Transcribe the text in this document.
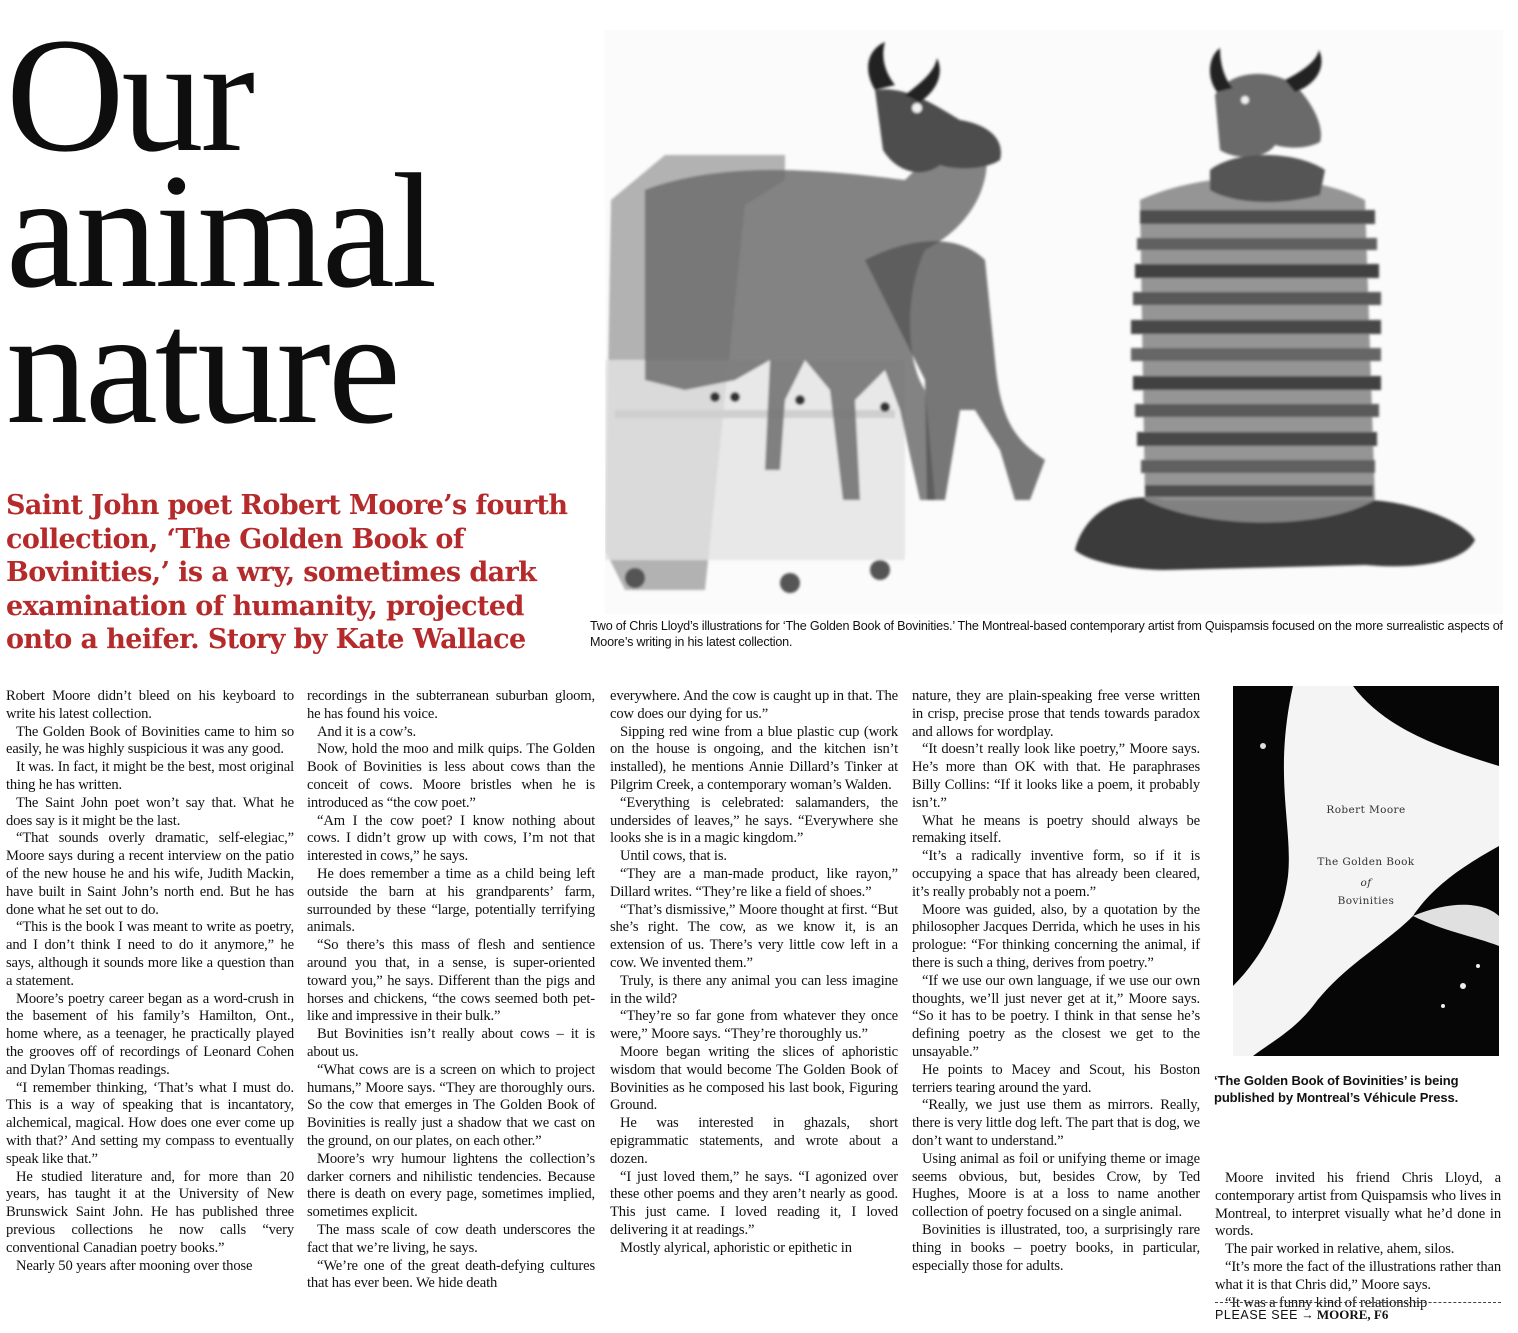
Our
animal
nature
Saint John poet Robert Moore’s fourth collection, ‘The Golden Book of Bovinities,’ is a wry, sometimes dark examination of humanity, projected onto a heifer. Story by Kate Wallace	Two of Chris Lloyd’s illustrations for ‘The Golden Book of Bovinities.’ The Montreal-based contemporary artist from Quispamsis focused on the more surrealistic aspects of Moore’s writing in his latest collection.

Robert Moore didn’t bleed on his keyboard to write his latest collection.

The Golden Book of Bovinities came to him so easily, he was highly suspicious it was any good.

It was. In fact, it might be the best, most original thing he has written.

The Saint John poet won’t say that. What he does say is it might be the last.

“That sounds overly dramatic, self-elegiac,” Moore says during a recent interview on the patio of the new house he and his wife, Judith Mackin, have built in Saint John’s north end. But he has done what he set out to do.

“This is the book I was meant to write as poetry, and I don’t think I need to do it anymore,” he says, although it sounds more like a question than a statement.

Moore’s poetry career began as a word-crush in the basement of his family’s Hamilton, Ont., home where, as a teenager, he practically played the grooves off of recordings of Leonard Cohen and Dylan Thomas readings.

“I remember thinking, ‘That’s what I must do. This is a way of speaking that is incantatory, alchemical, magical. How does one ever come up with that?’ And setting my compass to eventually speak like that.”

He studied literature and, for more than 20 years, has taught it at the University of New Brunswick Saint John. He has published three previous collections he now calls “very conventional Canadian poetry books.”

Nearly 50 years after mooning over those

recordings in the subterranean suburban gloom, he has found his voice.

And it is a cow’s.

Now, hold the moo and milk quips. The Golden Book of Bovinities is less about cows than the conceit of cows. Moore bristles when he is introduced as “the cow poet.”

“Am I the cow poet? I know nothing about cows. I didn’t grow up with cows, I’m not that interested in cows,” he says.

He does remember a time as a child being left outside the barn at his grandparents’ farm, surrounded by these “large, potentially terrifying animals.

“So there’s this mass of flesh and sentience around you that, in a sense, is super-oriented toward you,” he says. Different than the pigs and horses and chickens, “the cows seemed both pet-like and impressive in their bulk.”

But Bovinities isn’t really about cows – it is about us.

“What cows are is a screen on which to project humans,” Moore says. “They are thoroughly ours. So the cow that emerges in The Golden Book of Bovinities is really just a shadow that we cast on the ground, on our plates, on each other.”

Moore’s wry humour lightens the collection’s darker corners and nihilistic tendencies. Because there is death on every page, sometimes implied, sometimes explicit.

The mass scale of cow death underscores the fact that we’re living, he says.

“We’re one of the great death-defying cultures that has ever been. We hide death

everywhere. And the cow is caught up in that. The cow does our dying for us.”

Sipping red wine from a blue plastic cup (work on the house is ongoing, and the kitchen isn’t installed), he mentions Annie Dillard’s Tinker at Pilgrim Creek, a contemporary woman’s Walden.

“Everything is celebrated: salamanders, the undersides of leaves,” he says. “Everywhere she looks she is in a magic kingdom.”

Until cows, that is.

“They are a man-made product, like rayon,” Dillard writes. “They’re like a field of shoes.”

“That’s dismissive,” Moore thought at first. “But she’s right. The cow, as we know it, is an extension of us. There’s very little cow left in a cow. We invented them.”

Truly, is there any animal you can less imagine in the wild?

“They’re so far gone from whatever they once were,” Moore says. “They’re thoroughly us.”

Moore began writing the slices of aphoristic wisdom that would become The Golden Book of Bovinities as he composed his last book, Figuring Ground.

He was interested in ghazals, short epigrammatic statements, and wrote about a dozen.

“I just loved them,” he says. “I agonized over these other poems and they aren’t nearly as good. This just came. I loved reading it, I loved delivering it at readings.”

Mostly alyrical, aphoristic or epithetic in

nature, they are plain-speaking free verse written in crisp, precise prose that tends towards paradox and allows for wordplay.

“It doesn’t really look like poetry,” Moore says. He’s more than OK with that. He paraphrases Billy Collins: “If it looks like a poem, it probably isn’t.”

What he means is poetry should always be remaking itself.

“It’s a radically inventive form, so if it is occupying a space that has already been cleared, it’s really probably not a poem.”

Moore was guided, also, by a quotation by the philosopher Jacques Derrida, which he uses in his prologue: “For thinking concerning the animal, if there is such a thing, derives from poetry.”

“If we use our own language, if we use our own thoughts, we’ll just never get at it,” Moore says. “So it has to be poetry. I think in that sense he’s defining poetry as the closest we get to the unsayable.”

He points to Macey and Scout, his Boston terriers tearing around the yard.

“Really, we just use them as mirrors. Really, there is very little dog left. The part that is dog, we don’t want to understand.”

Using animal as foil or unifying theme or image seems obvious, but, besides Crow, by Ted Hughes, Moore is at a loss to name another collection of poetry focused on a single animal.

Bovinities is illustrated, too, a surprisingly rare thing in books – poetry books, in particular, especially those for adults.

Robert Moore
The Golden Book
of
Bovinities
‘The Golden Book of Bovinities’ is being published by Montreal’s Véhicule Press.

Moore invited his friend Chris Lloyd, a contemporary artist from Quispamsis who lives in Montreal, to interpret visually what he’d done in words.

The pair worked in relative, ahem, silos.

“It’s more the fact of the illustrations rather than what it is that Chris did,” Moore says.

“It was a funny kind of relationship

PLEASE SEE → MOORE, F6
